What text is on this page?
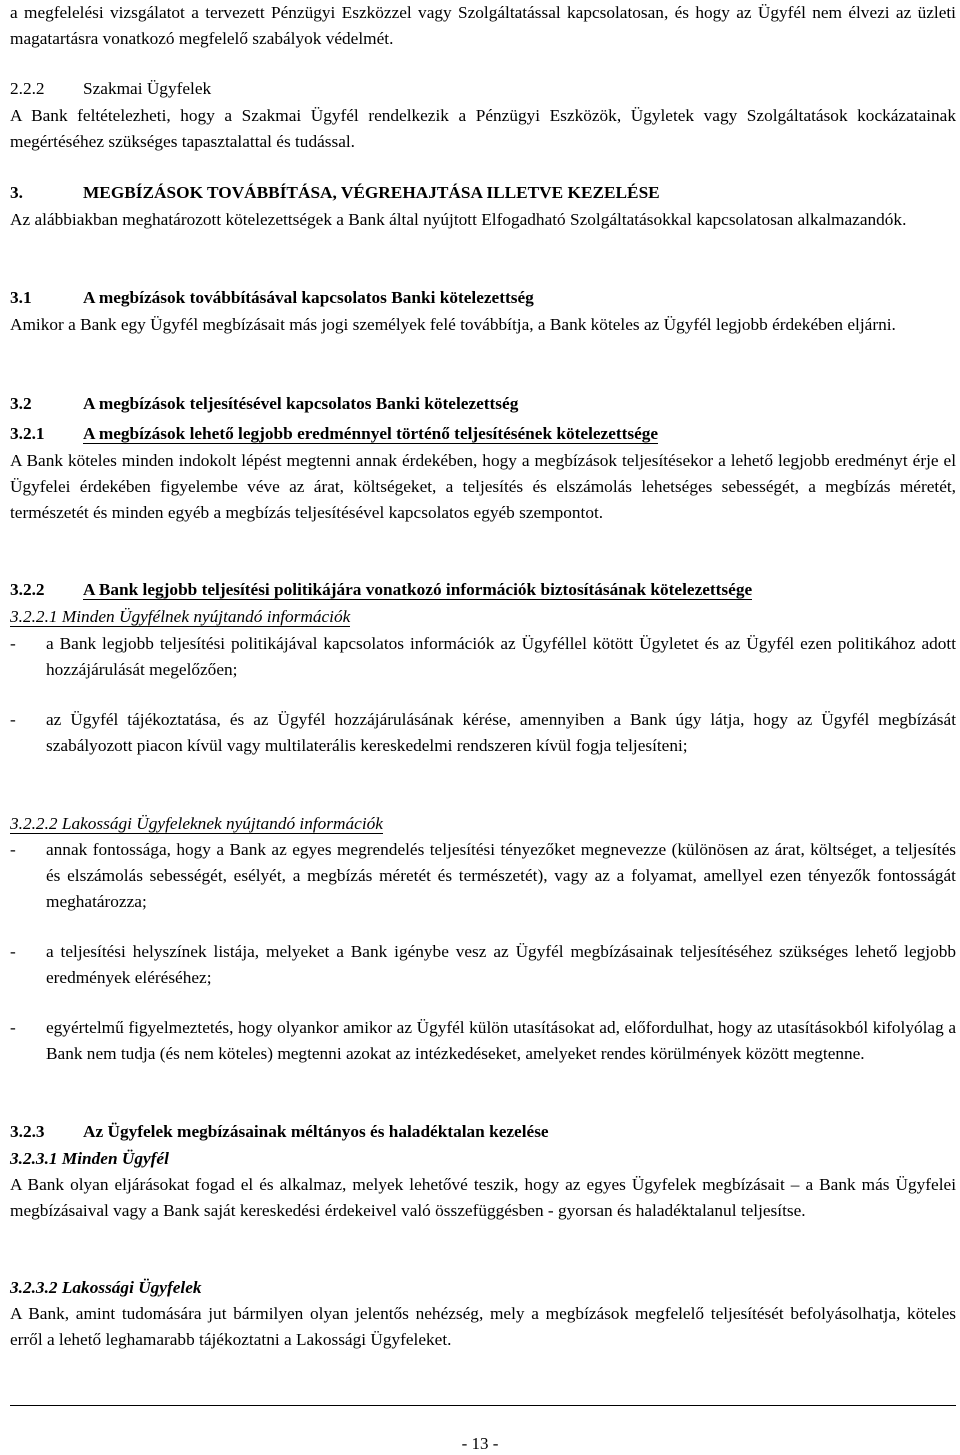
a megfelelési vizsgálatot a tervezett Pénzügyi Eszközzel vagy Szolgáltatással kapcsolatosan, és hogy az Ügyfél nem élvezi az üzleti magatartásra vonatkozó megfelelő szabályok védelmét.

2.2.2 Szakmai Ügyfelek

A Bank feltételezheti, hogy a Szakmai Ügyfél rendelkezik a Pénzügyi Eszközök, Ügyletek vagy Szolgáltatások kockázatainak megértéséhez szükséges tapasztalattal és tudással.

3.	MEGBÍZÁSOK TOVÁBBÍTÁSA, VÉGREHAJTÁSA ILLETVE KEZELÉSE

Az alábbiakban meghatározott kötelezettségek a Bank által nyújtott Elfogadható Szolgáltatásokkal kapcsolatosan alkalmazandók.

3.1	A megbízások továbbításával kapcsolatos Banki kötelezettség

Amikor a Bank egy Ügyfél megbízásait más jogi személyek felé továbbítja, a Bank köteles az Ügyfél legjobb érdekében eljárni.

3.2	A megbízások teljesítésével kapcsolatos Banki kötelezettség
3.2.1 A megbízások lehető legjobb eredménnyel történő teljesítésének kötelezettsége

A Bank köteles minden indokolt lépést megtenni annak érdekében, hogy a megbízások teljesítésekor a lehető legjobb eredményt érje el Ügyfelei érdekében figyelembe véve az árat, költségeket, a teljesítés és elszámolás lehetséges sebességét, a megbízás méretét, természetét és minden egyéb a megbízás teljesítésével kapcsolatos egyéb szempontot.

3.2.2 A Bank legjobb teljesítési politikájára vonatkozó információk biztosításának kötelezettsége
3.2.2.1 Minden Ügyfélnek nyújtandó információk
- a Bank legjobb teljesítési politikájával kapcsolatos információk az Ügyféllel kötött Ügyletet és az Ügyfél ezen politikához adott hozzájárulását megelőzően;
- az Ügyfél tájékoztatása, és az Ügyfél hozzájárulásának kérése, amennyiben a Bank úgy látja, hogy az Ügyfél megbízását szabályozott piacon kívül vagy multilaterális kereskedelmi rendszeren kívül fogja teljesíteni;
3.2.2.2 Lakossági Ügyfeleknek nyújtandó információk
- annak fontossága, hogy a Bank az egyes megrendelés teljesítési tényezőket megnevezze (különösen az árat, költséget, a teljesítés és elszámolás sebességét, esélyét, a megbízás méretét és természetét), vagy az a folyamat, amellyel ezen tényezők fontosságát meghatározza;
- a teljesítési helyszínek listája, melyeket a Bank igénybe vesz az Ügyfél megbízásainak teljesítéséhez szükséges lehető legjobb eredmények eléréséhez;
- egyértelmű figyelmeztetés, hogy olyankor amikor az Ügyfél külön utasításokat ad, előfordulhat, hogy az utasításokból kifolyólag a Bank nem tudja (és nem köteles) megtenni azokat az intézkedéseket, amelyeket rendes körülmények között megtenne.
3.2.3 Az Ügyfelek megbízásainak méltányos és haladéktalan kezelése
3.2.3.1 Minden Ügyfél

A Bank olyan eljárásokat fogad el és alkalmaz, melyek lehetővé teszik, hogy az egyes Ügyfelek megbízásait – a Bank más Ügyfelei megbízásaival vagy a Bank saját kereskedési érdekeivel való összefüggésben - gyorsan és haladéktalanul teljesítse.

3.2.3.2 Lakossági Ügyfelek

A Bank, amint tudomására jut bármilyen olyan jelentős nehézség, mely a megbízások megfelelő teljesítését befolyásolhatja, köteles erről a lehető leghamarabb tájékoztatni a Lakossági Ügyfeleket.

- 13 -
